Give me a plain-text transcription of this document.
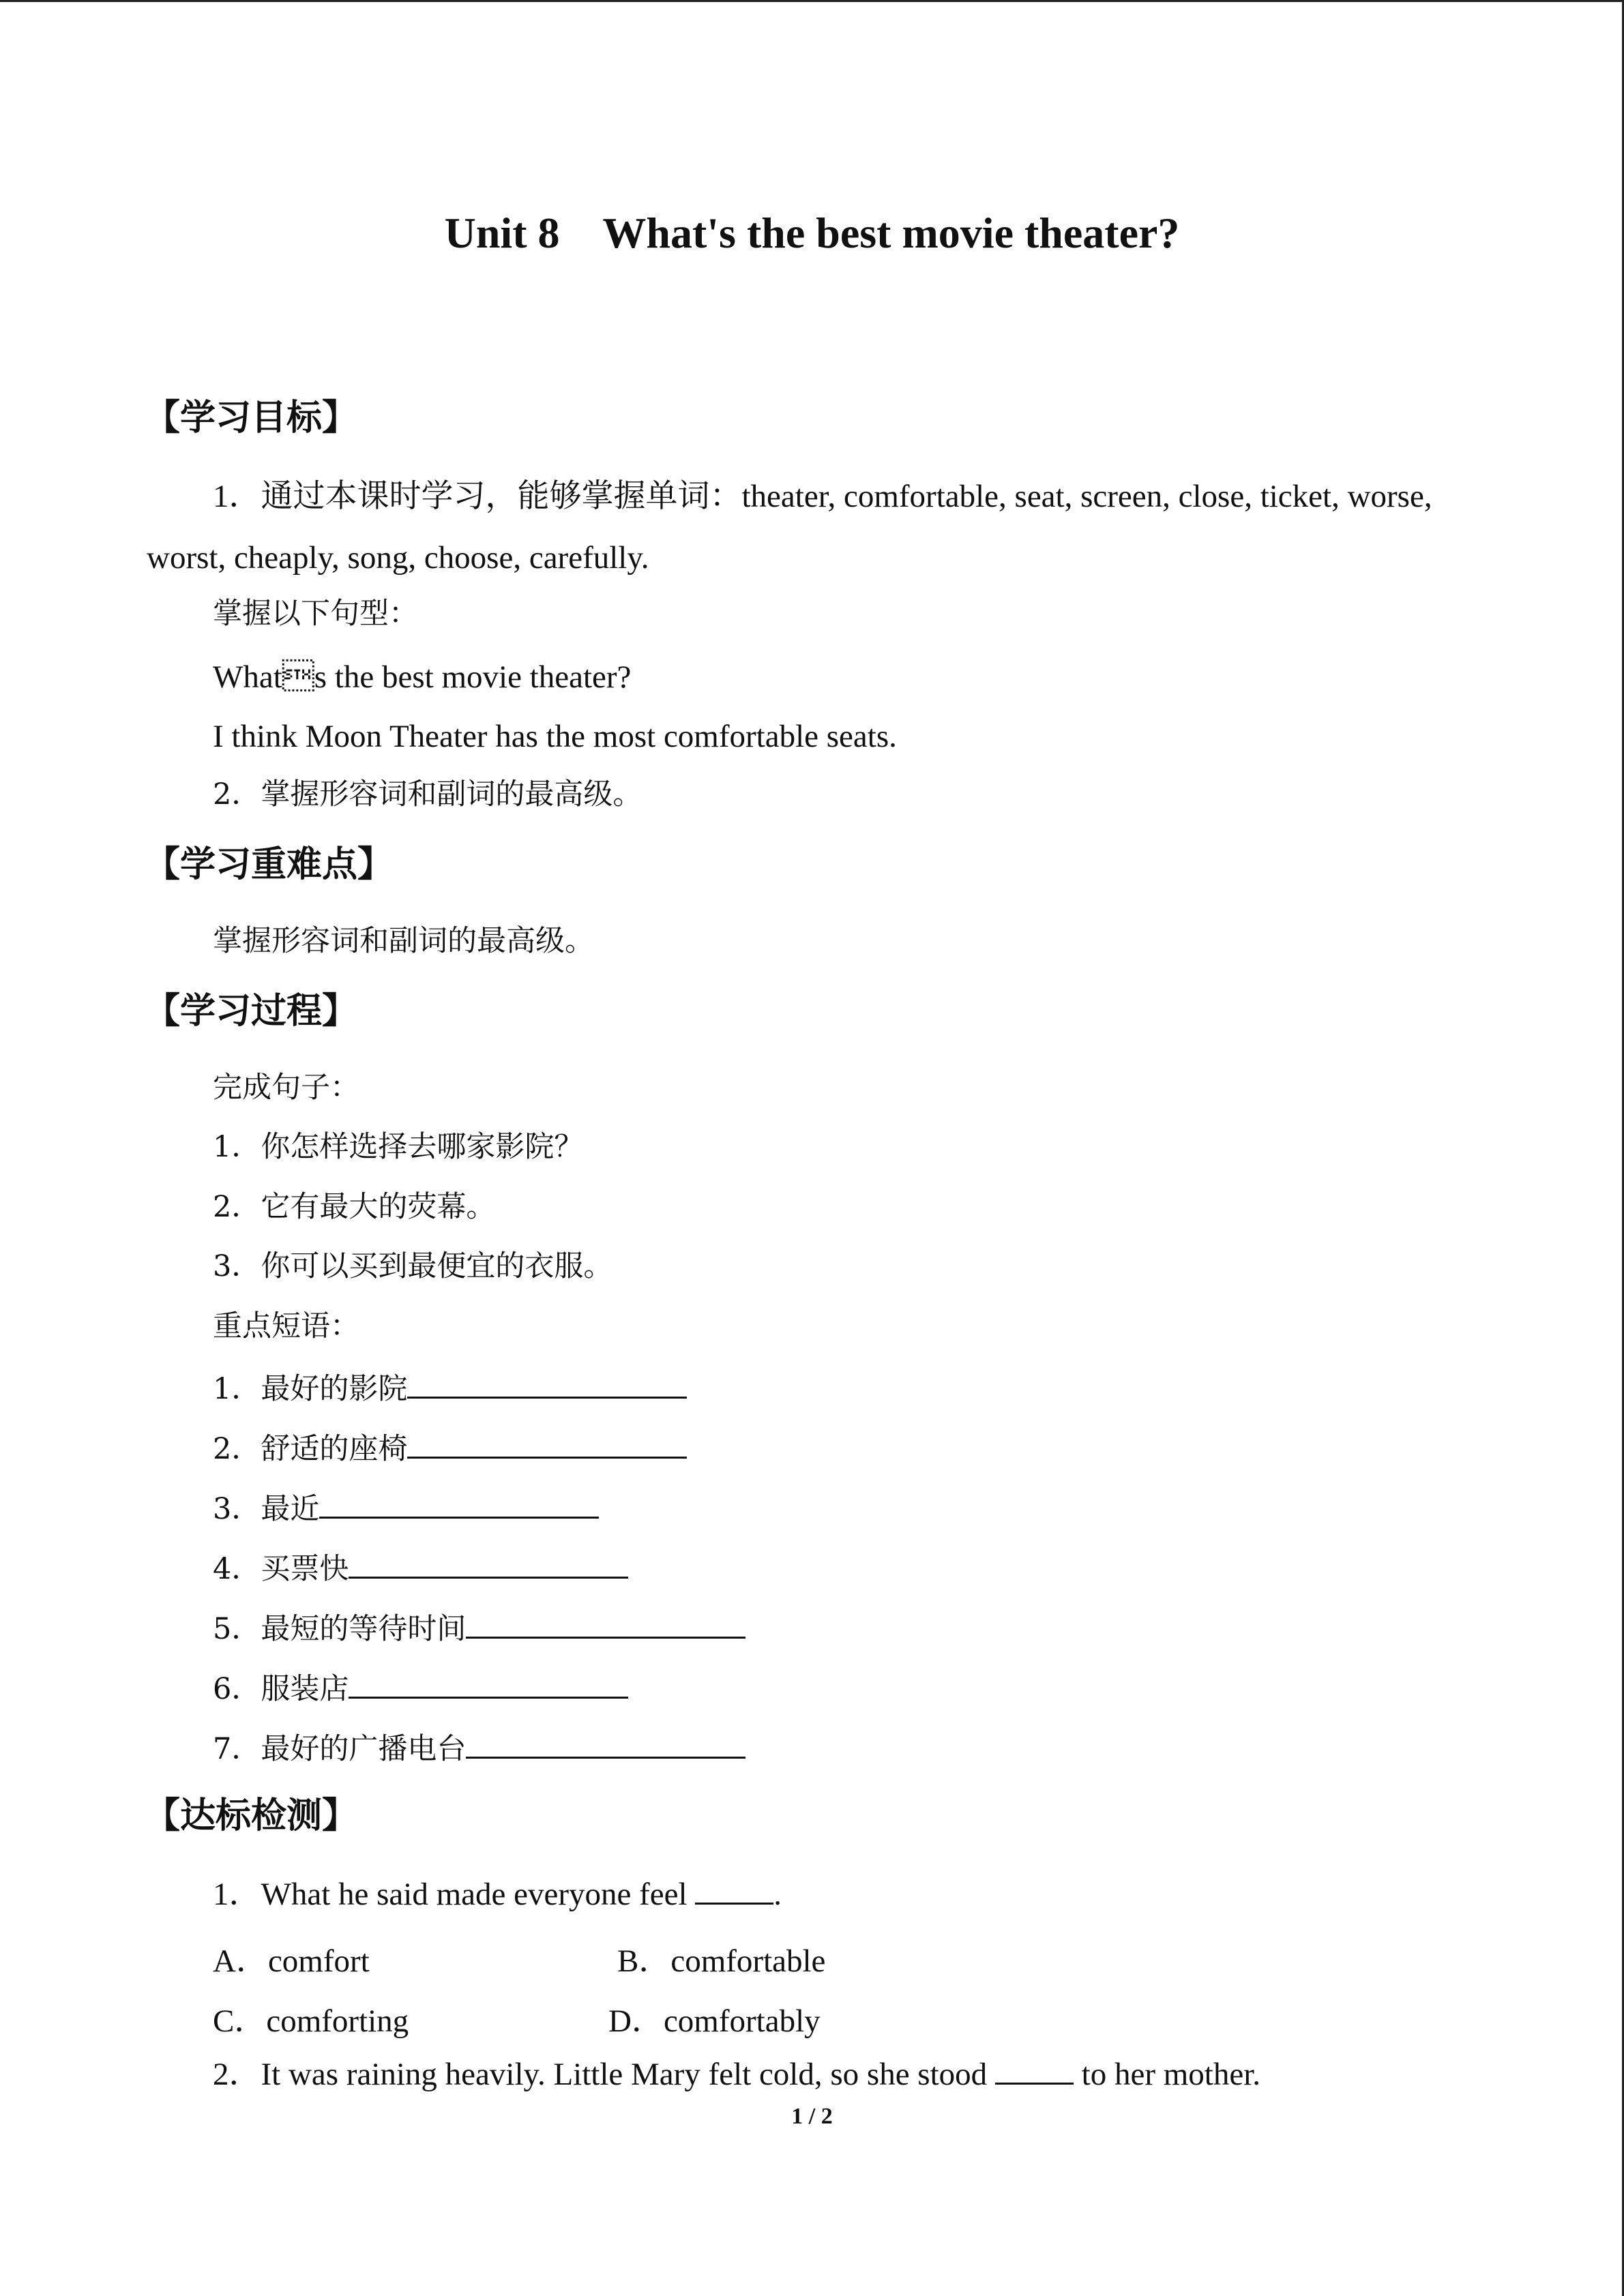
Unit 8    What's the best movie theater?
【学习目标】
1．通过本课时学习，能够掌握单词：theater, comfortable, seat, screen, close, ticket, worse,
worst, cheaply, song, choose, carefully.
掌握以下句型：
Whats the best movie theater?
I think Moon Theater has the most comfortable seats.
2．掌握形容词和副词的最高级。
【学习重难点】
掌握形容词和副词的最高级。
【学习过程】
完成句子：
1．你怎样选择去哪家影院？
2．它有最大的荧幕。
3．你可以买到最便宜的衣服。
重点短语：
1．最好的影院
2．舒适的座椅
3．最近
4．买票快
5．最短的等待时间
6．服装店
7．最好的广播电台
【达标检测】
1．What he said made everyone feel .
A．comfort	B．comfortable
C．comforting	D．comfortably
2．It was raining heavily. Little Mary felt cold, so she stood  to her mother.
1 / 2
